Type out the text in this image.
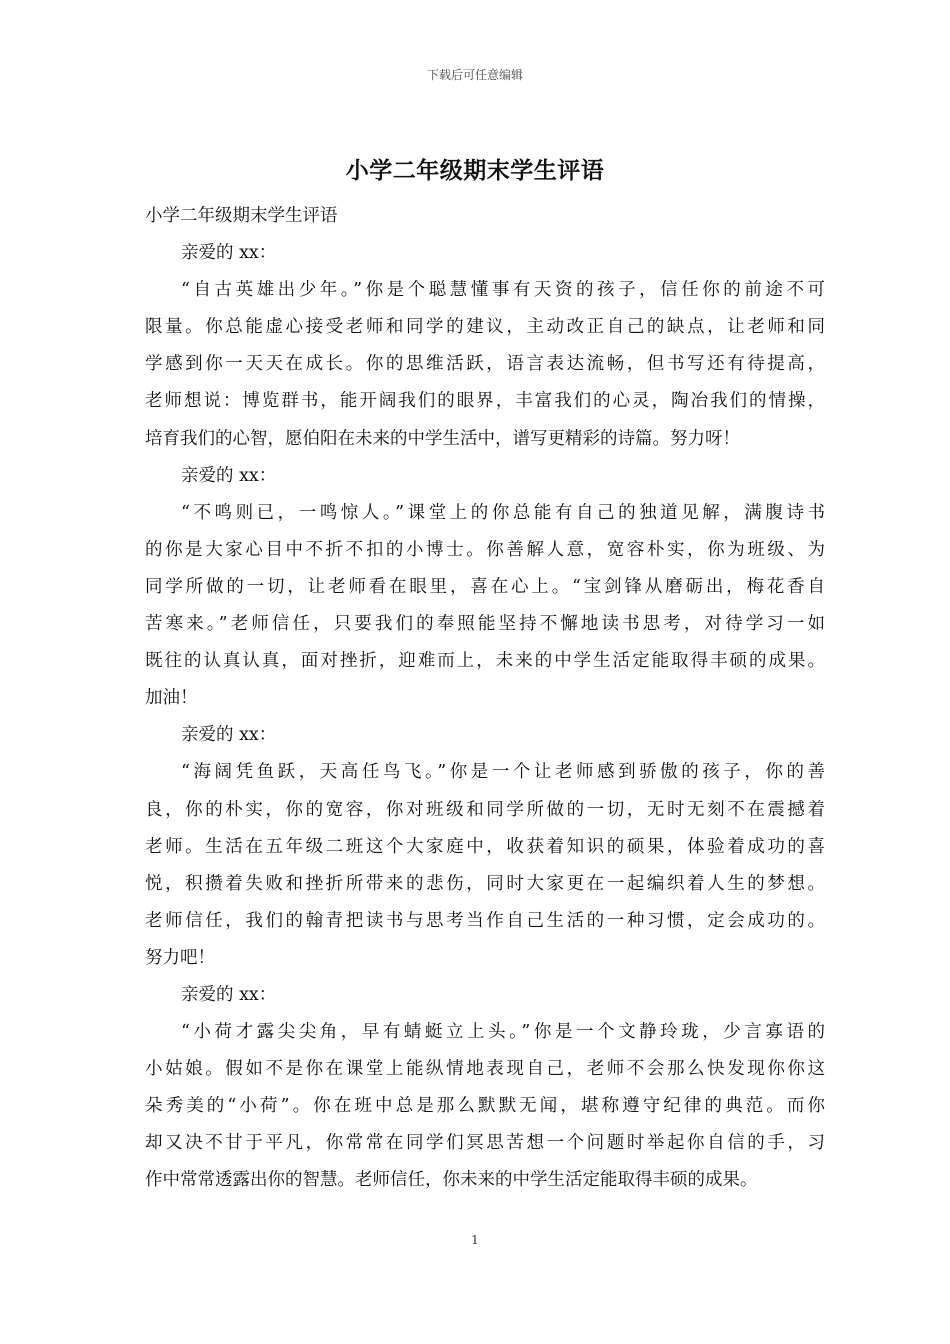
下载后可任意编辑
小学二年级期末学生评语

小学二年级期末学生评语

亲爱的 xx：

“自古英雄出少年。”你是个聪慧懂事有天资的孩子，信任你的前途不可
限量。你总能虚心接受老师和同学的建议，主动改正自己的缺点，让老师和同
学感到你一天天在成长。你的思维活跃，语言表达流畅，但书写还有待提高，
老师想说：博览群书，能开阔我们的眼界，丰富我们的心灵，陶冶我们的情操，
培育我们的心智，愿伯阳在未来的中学生活中，谱写更精彩的诗篇。努力呀！

亲爱的 xx：

“不鸣则已，一鸣惊人。”课堂上的你总能有自己的独道见解，满腹诗书
的你是大家心目中不折不扣的小博士。你善解人意，宽容朴实，你为班级、为
同学所做的一切，让老师看在眼里，喜在心上。“宝剑锋从磨砺出，梅花香自
苦寒来。”老师信任，只要我们的奉照能坚持不懈地读书思考，对待学习一如
既往的认真认真，面对挫折，迎难而上，未来的中学生活定能取得丰硕的成果。
加油！

亲爱的 xx：

“海阔凭鱼跃，天高任鸟飞。”你是一个让老师感到骄傲的孩子，你的善
良，你的朴实，你的宽容，你对班级和同学所做的一切，无时无刻不在震撼着
老师。生活在五年级二班这个大家庭中，收获着知识的硕果，体验着成功的喜
悦，积攒着失败和挫折所带来的悲伤，同时大家更在一起编织着人生的梦想。
老师信任，我们的翰青把读书与思考当作自己生活的一种习惯，定会成功的。
努力吧！

亲爱的 xx：

“小荷才露尖尖角，早有蜻蜓立上头。”你是一个文静玲珑，少言寡语的
小姑娘。假如不是你在课堂上能纵情地表现自己，老师不会那么快发现你你这
朵秀美的“小荷”。你在班中总是那么默默无闻，堪称遵守纪律的典范。而你
却又决不甘于平凡，你常常在同学们冥思苦想一个问题时举起你自信的手，习
作中常常透露出你的智慧。老师信任，你未来的中学生活定能取得丰硕的成果。

1
